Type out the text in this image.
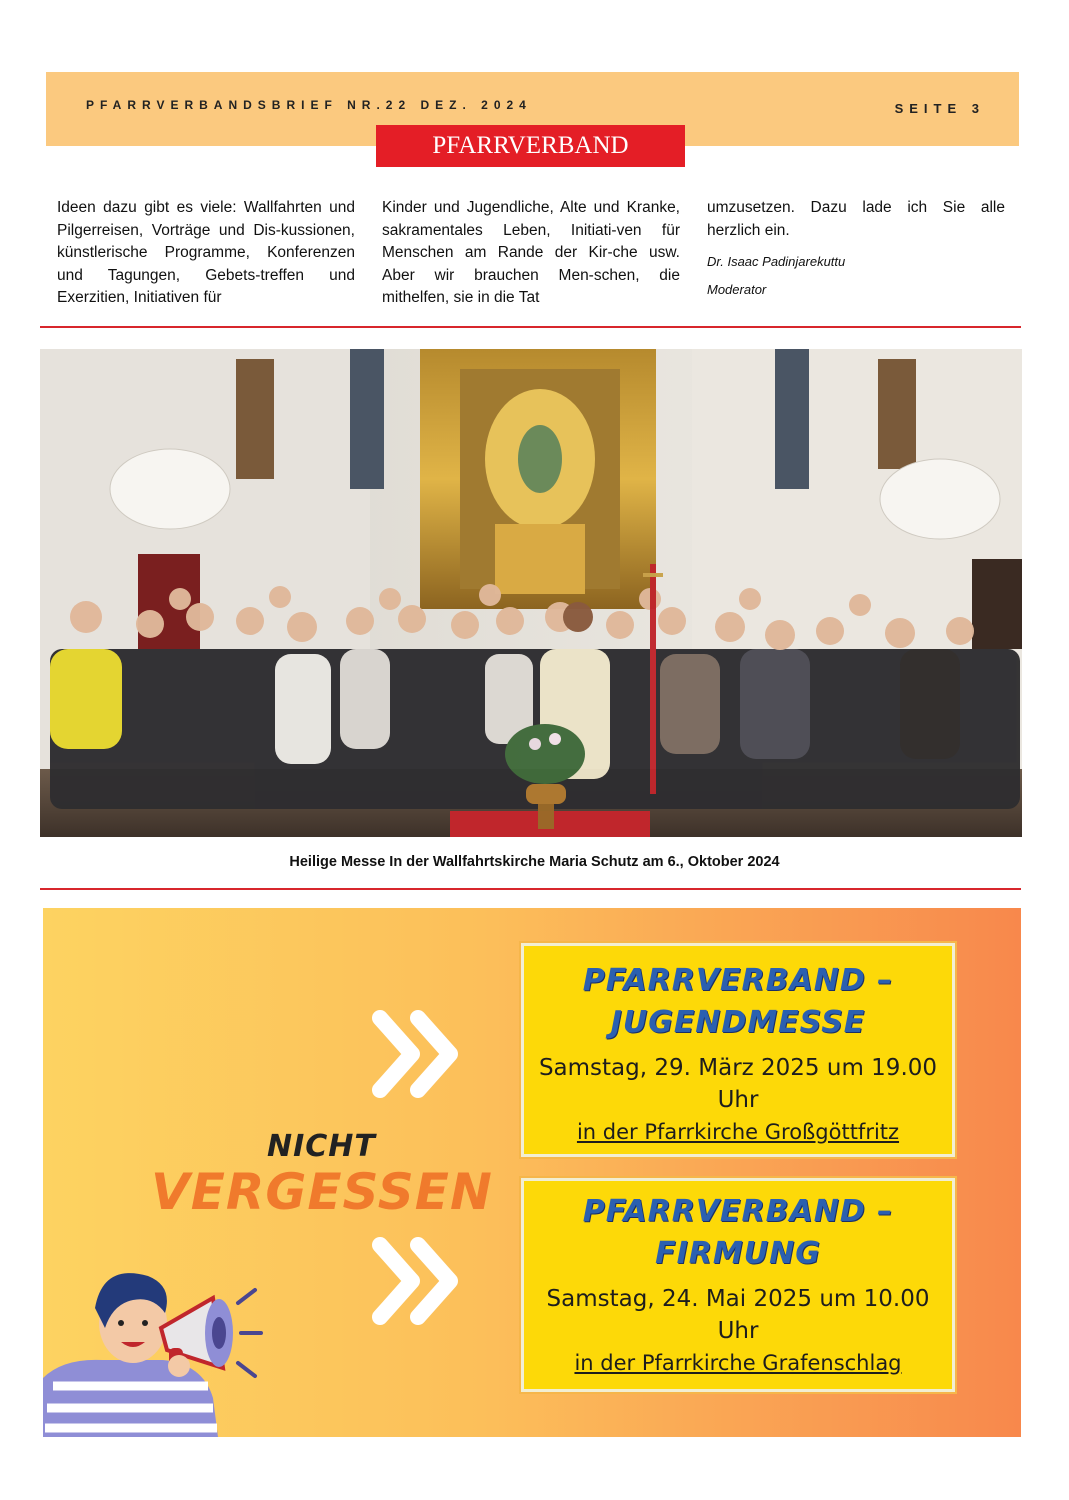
PFARRVERBANDSBRIEF NR.22 DEZ. 2024	SEITE 3
PFARRVERBAND
Ideen dazu gibt es viele: Wallfahrten und Pilgerreisen, Vorträge und Dis-kussionen, künstlerische Programme, Konferenzen und Tagungen, Gebets-treffen und Exerzitien, Initiativen für
Kinder und Jugendliche, Alte und Kranke, sakramentales Leben, Initiati-ven für Menschen am Rande der Kir-che usw. Aber wir brauchen Men-schen, die mithelfen, sie in die Tat
umzusetzen. Dazu lade ich Sie alle herzlich ein.
Dr. Isaac Padinjarekuttu
Moderator
Heilige Messe In der Wallfahrtskirche Maria Schutz am 6., Oktober 2024
NICHT
VERGESSEN
PFARRVERBAND –
JUGENDMESSE
Samstag, 29. März 2025 um 19.00 Uhr
in der Pfarrkirche Großgöttfritz
PFARRVERBAND –
FIRMUNG
Samstag, 24. Mai 2025 um 10.00 Uhr
in der Pfarrkirche Grafenschlag
